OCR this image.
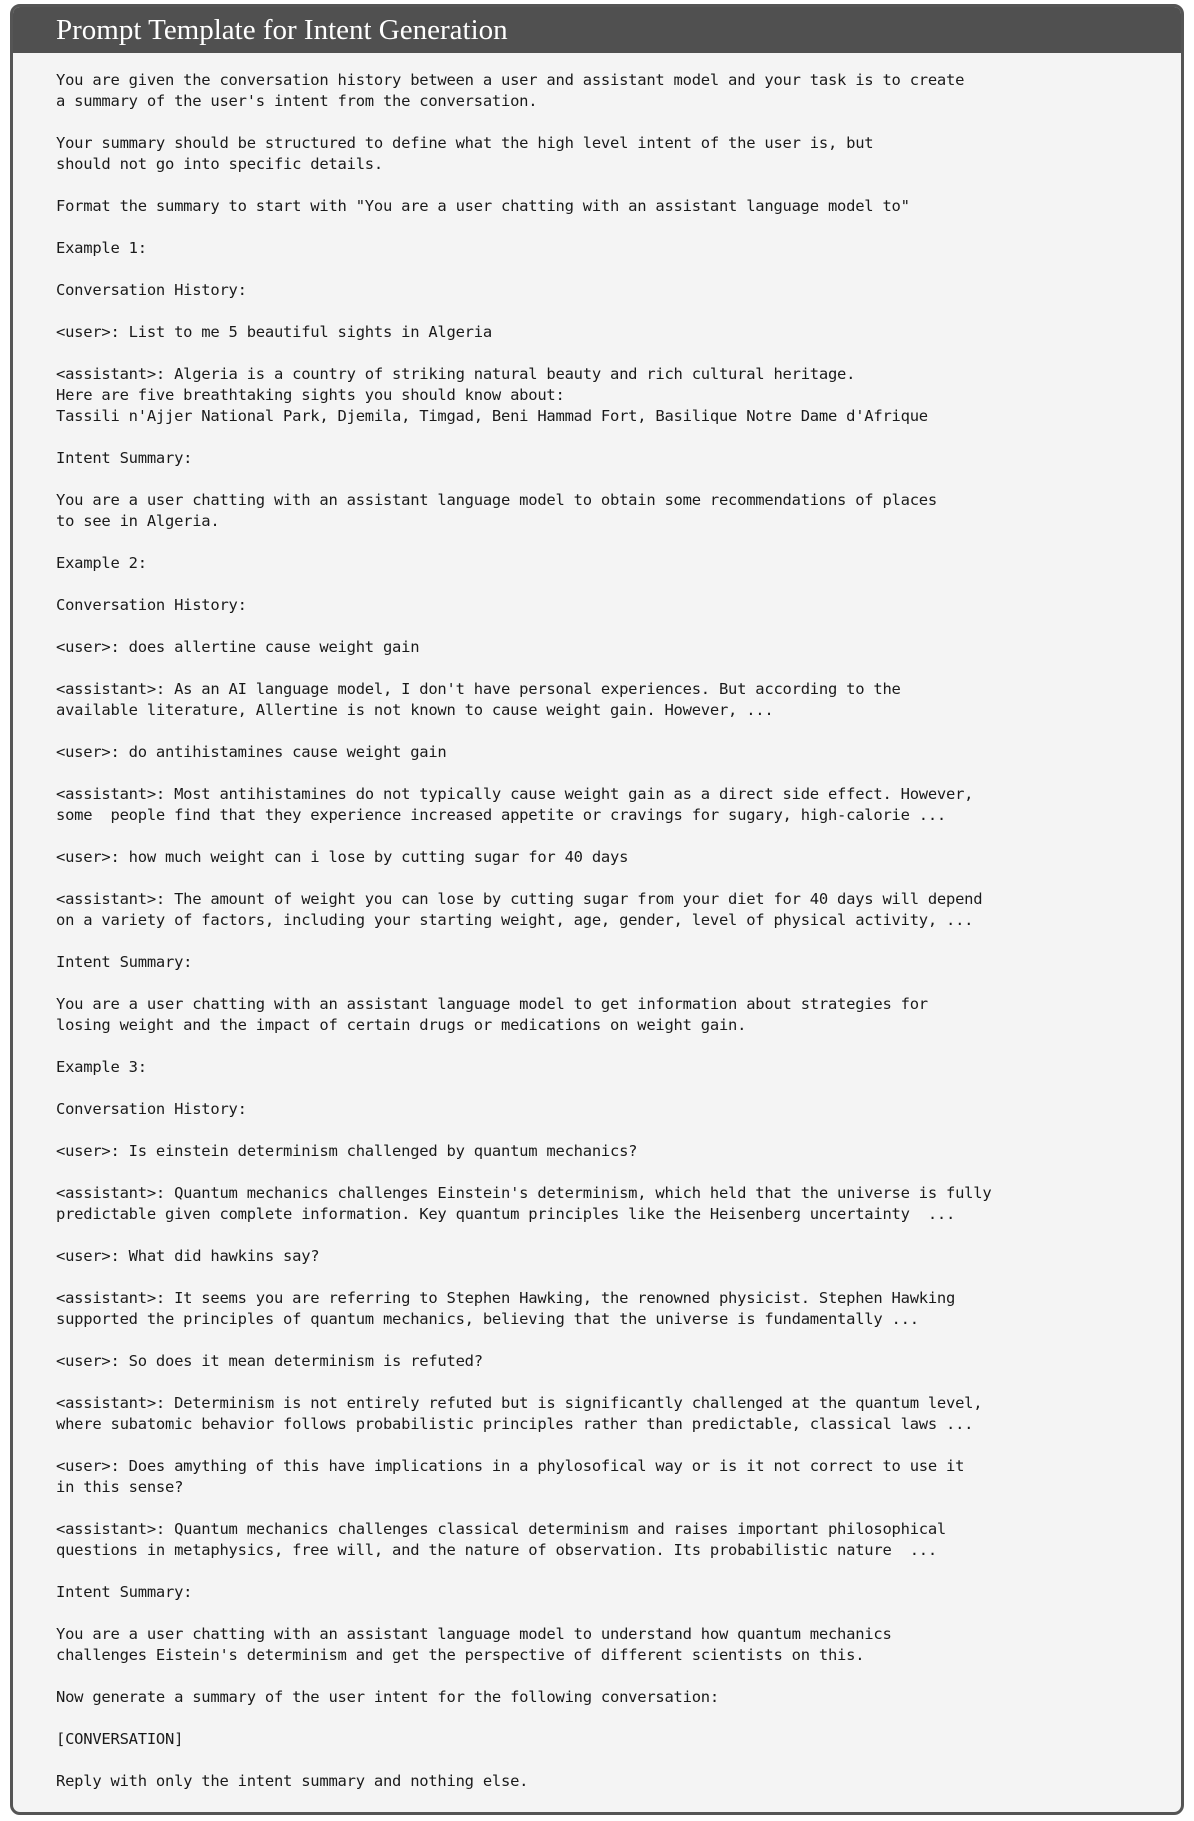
Prompt Template for Intent Generation

You are given the conversation history between a user and assistant model and your task is to create
a summary of the user's intent from the conversation.

Your summary should be structured to define what the high level intent of the user is, but
should not go into specific details.

Format the summary to start with "You are a user chatting with an assistant language model to"

Example 1:

Conversation History:

<user>: List to me 5 beautiful sights in Algeria

<assistant>: Algeria is a country of striking natural beauty and rich cultural heritage.
Here are five breathtaking sights you should know about:
Tassili n'Ajjer National Park, Djemila, Timgad, Beni Hammad Fort, Basilique Notre Dame d'Afrique

Intent Summary:

You are a user chatting with an assistant language model to obtain some recommendations of places
to see in Algeria.

Example 2:

Conversation History:

<user>: does allertine cause weight gain

<assistant>: As an AI language model, I don't have personal experiences. But according to the
available literature, Allertine is not known to cause weight gain. However, ...

<user>: do antihistamines cause weight gain

<assistant>: Most antihistamines do not typically cause weight gain as a direct side effect. However,
some  people find that they experience increased appetite or cravings for sugary, high-calorie ...

<user>: how much weight can i lose by cutting sugar for 40 days

<assistant>: The amount of weight you can lose by cutting sugar from your diet for 40 days will depend
on a variety of factors, including your starting weight, age, gender, level of physical activity, ...

Intent Summary:

You are a user chatting with an assistant language model to get information about strategies for
losing weight and the impact of certain drugs or medications on weight gain.

Example 3:

Conversation History:

<user>: Is einstein determinism challenged by quantum mechanics?

<assistant>: Quantum mechanics challenges Einstein's determinism, which held that the universe is fully
predictable given complete information. Key quantum principles like the Heisenberg uncertainty  ...

<user>: What did hawkins say?

<assistant>: It seems you are referring to Stephen Hawking, the renowned physicist. Stephen Hawking
supported the principles of quantum mechanics, believing that the universe is fundamentally ...

<user>: So does it mean determinism is refuted?

<assistant>: Determinism is not entirely refuted but is significantly challenged at the quantum level,
where subatomic behavior follows probabilistic principles rather than predictable, classical laws ...

<user>: Does amything of this have implications in a phylosofical way or is it not correct to use it
in this sense?

<assistant>: Quantum mechanics challenges classical determinism and raises important philosophical
questions in metaphysics, free will, and the nature of observation. Its probabilistic nature  ...

Intent Summary:

You are a user chatting with an assistant language model to understand how quantum mechanics
challenges Eistein's determinism and get the perspective of different scientists on this.

Now generate a summary of the user intent for the following conversation:

[CONVERSATION]

Reply with only the intent summary and nothing else.
